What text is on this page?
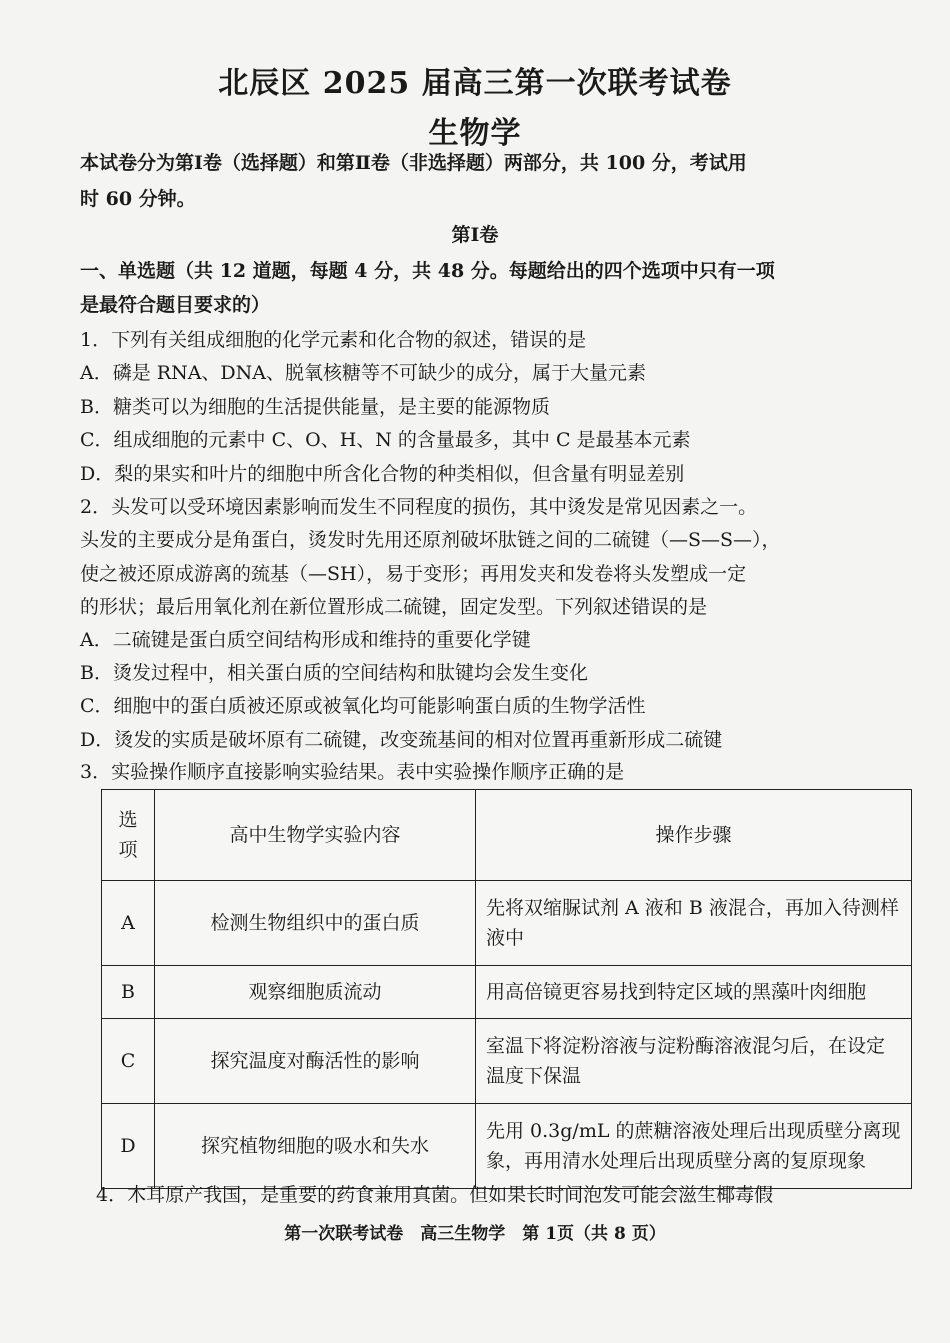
北辰区 2025 届高三第一次联考试卷
生物学
本试卷分为第Ⅰ卷（选择题）和第Ⅱ卷（非选择题）两部分，共 100 分，考试用
时 60 分钟。
第Ⅰ卷
一、单选题（共 12 道题，每题 4 分，共 48 分。每题给出的四个选项中只有一项
是最符合题目要求的）
1．下列有关组成细胞的化学元素和化合物的叙述，错误的是
A．磷是 RNA、DNA、脱氧核糖等不可缺少的成分，属于大量元素
B．糖类可以为细胞的生活提供能量，是主要的能源物质
C．组成细胞的元素中 C、O、H、N 的含量最多，其中 C 是最基本元素
D．梨的果实和叶片的细胞中所含化合物的种类相似，但含量有明显差别
2．头发可以受环境因素影响而发生不同程度的损伤，其中烫发是常见因素之一。
头发的主要成分是角蛋白，烫发时先用还原剂破坏肽链之间的二硫键（—S—S—），
使之被还原成游离的巯基（—SH），易于变形；再用发夹和发卷将头发塑成一定
的形状；最后用氧化剂在新位置形成二硫键，固定发型。下列叙述错误的是
A．二硫键是蛋白质空间结构形成和维持的重要化学键
B．烫发过程中，相关蛋白质的空间结构和肽键均会发生变化
C．细胞中的蛋白质被还原或被氧化均可能影响蛋白质的生物学活性
D．烫发的实质是破坏原有二硫键，改变巯基间的相对位置再重新形成二硫键
3．实验操作顺序直接影响实验结果。表中实验操作顺序正确的是
选项	高中生物学实验内容	操作步骤
A	检测生物组织中的蛋白质	先将双缩脲试剂 A 液和 B 液混合，再加入待测样液中
B	观察细胞质流动	用高倍镜更容易找到特定区域的黑藻叶肉细胞
C	探究温度对酶活性的影响	室温下将淀粉溶液与淀粉酶溶液混匀后，在设定温度下保温
D	探究植物细胞的吸水和失水	先用 0.3g/mL 的蔗糖溶液处理后出现质壁分离现象，再用清水处理后出现质壁分离的复原现象
4．木耳原产我国，是重要的药食兼用真菌。但如果长时间泡发可能会滋生椰毒假
第一次联考试卷　高三生物学　第 1页（共 8 页）
